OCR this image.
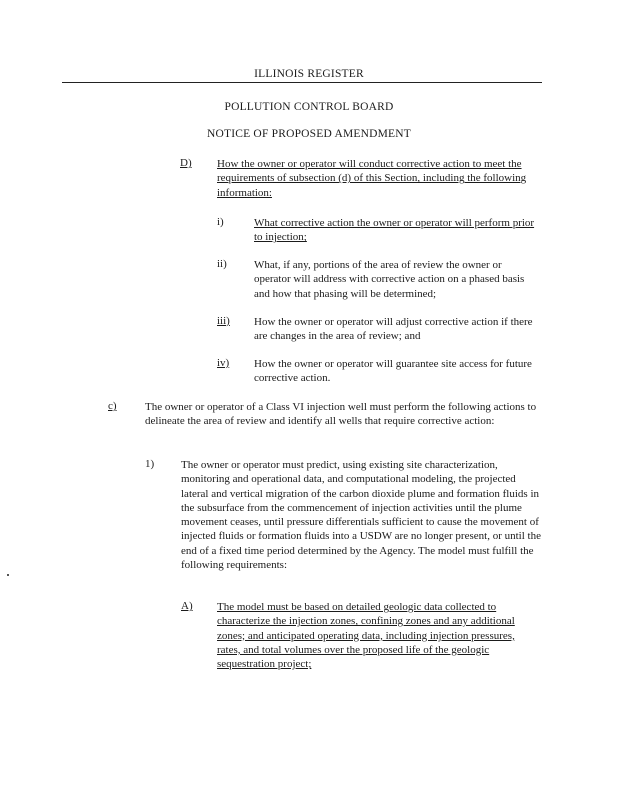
ILLINOIS REGISTER
POLLUTION CONTROL BOARD
NOTICE OF PROPOSED AMENDMENT
D) How the owner or operator will conduct corrective action to meet the requirements of subsection (d) of this Section, including the following information:

i)	What corrective action the owner or operator will perform prior to injection;

ii) What, if any, portions of the area of review the owner or operator will address with corrective action on a phased basis and how that phasing will be determined;

iii) How the owner or operator will adjust corrective action if there are changes in the area of review; and

iv) How the owner or operator will guarantee site access for future corrective action.

c)	The owner or operator of a Class VI injection well must perform the following actions to delineate the area of review and identify all wells that require corrective action:

1) The owner or operator must predict, using existing site characterization, monitoring and operational data, and computational modeling, the projected lateral and vertical migration of the carbon dioxide plume and formation fluids in the subsurface from the commencement of injection activities until the plume movement ceases, until pressure differentials sufficient to cause the movement of injected fluids or formation fluids into a USDW are no longer present, or until the end of a fixed time period determined by the Agency. The model must fulfill the following requirements:

A) The model must be based on detailed geologic data collected to characterize the injection zones, confining zones and any additional zones; and anticipated operating data, including injection pressures, rates, and total volumes over the proposed life of the geologic sequestration project;
